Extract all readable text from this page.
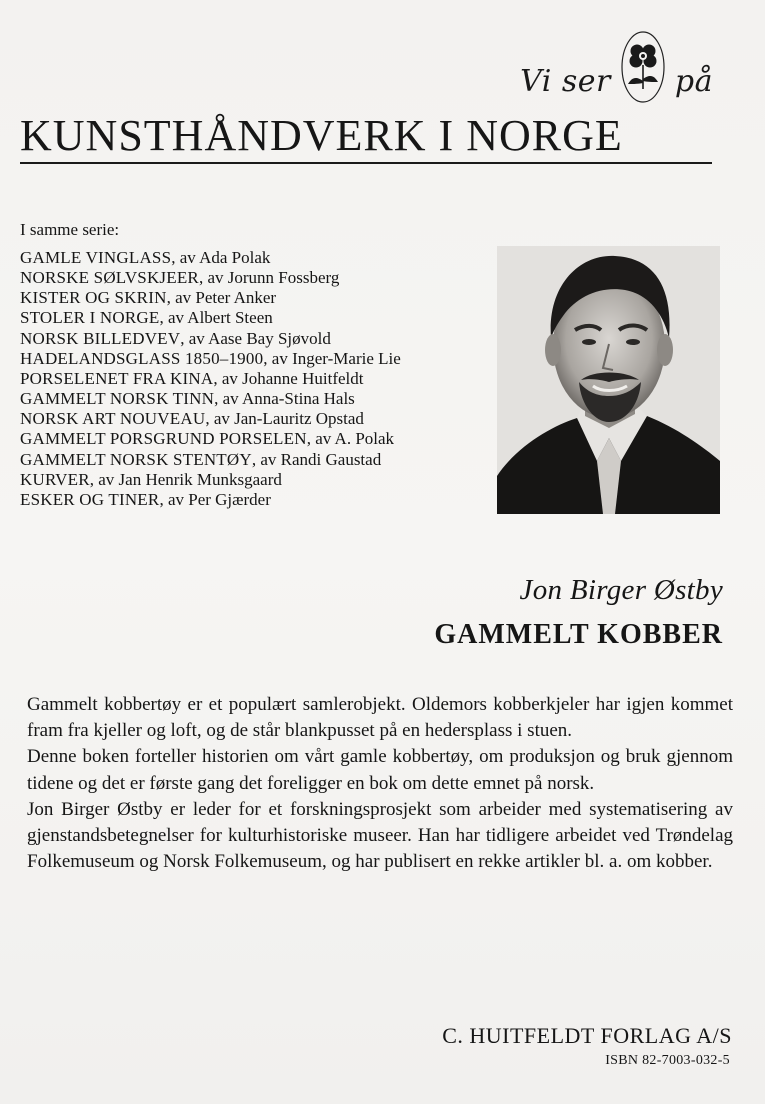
Vi ser på
KUNSTHÅNDVERK I NORGE
I samme serie:
GAMLE VINGLASS, av Ada Polak
NORSKE SØLVSKJEER, av Jorunn Fossberg
KISTER OG SKRIN, av Peter Anker
STOLER I NORGE, av Albert Steen
NORSK BILLEDVEV, av Aase Bay Sjøvold
HADELANDSGLASS 1850–1900, av Inger-Marie Lie
PORSELENET FRA KINA, av Johanne Huitfeldt
GAMMELT NORSK TINN, av Anna-Stina Hals
NORSK ART NOUVEAU, av Jan-Lauritz Opstad
GAMMELT PORSGRUND PORSELEN, av A. Polak
GAMMELT NORSK STENTØY, av Randi Gaustad
KURVER, av Jan Henrik Munksgaard
ESKER OG TINER, av Per Gjærder
Jon Birger Østby
GAMMELT KOBBER

Gammelt kobbertøy er et populært samlerobjekt. Oldemors kobberkjeler har igjen kommet fram fra kjeller og loft, og de står blankpusset på en hedersplass i stuen.

Denne boken forteller historien om vårt gamle kobbertøy, om produksjon og bruk gjennom tidene og det er første gang det foreligger en bok om dette emnet på norsk.

Jon Birger Østby er leder for et forskningsprosjekt som arbeider med systematisering av gjenstandsbetegnelser for kulturhistoriske museer. Han har tidligere arbeidet ved Trøndelag Folkemuseum og Norsk Folkemuseum, og har publisert en rekke artikler bl. a. om kobber.

C. HUITFELDT FORLAG A/S
ISBN 82-7003-032-5
